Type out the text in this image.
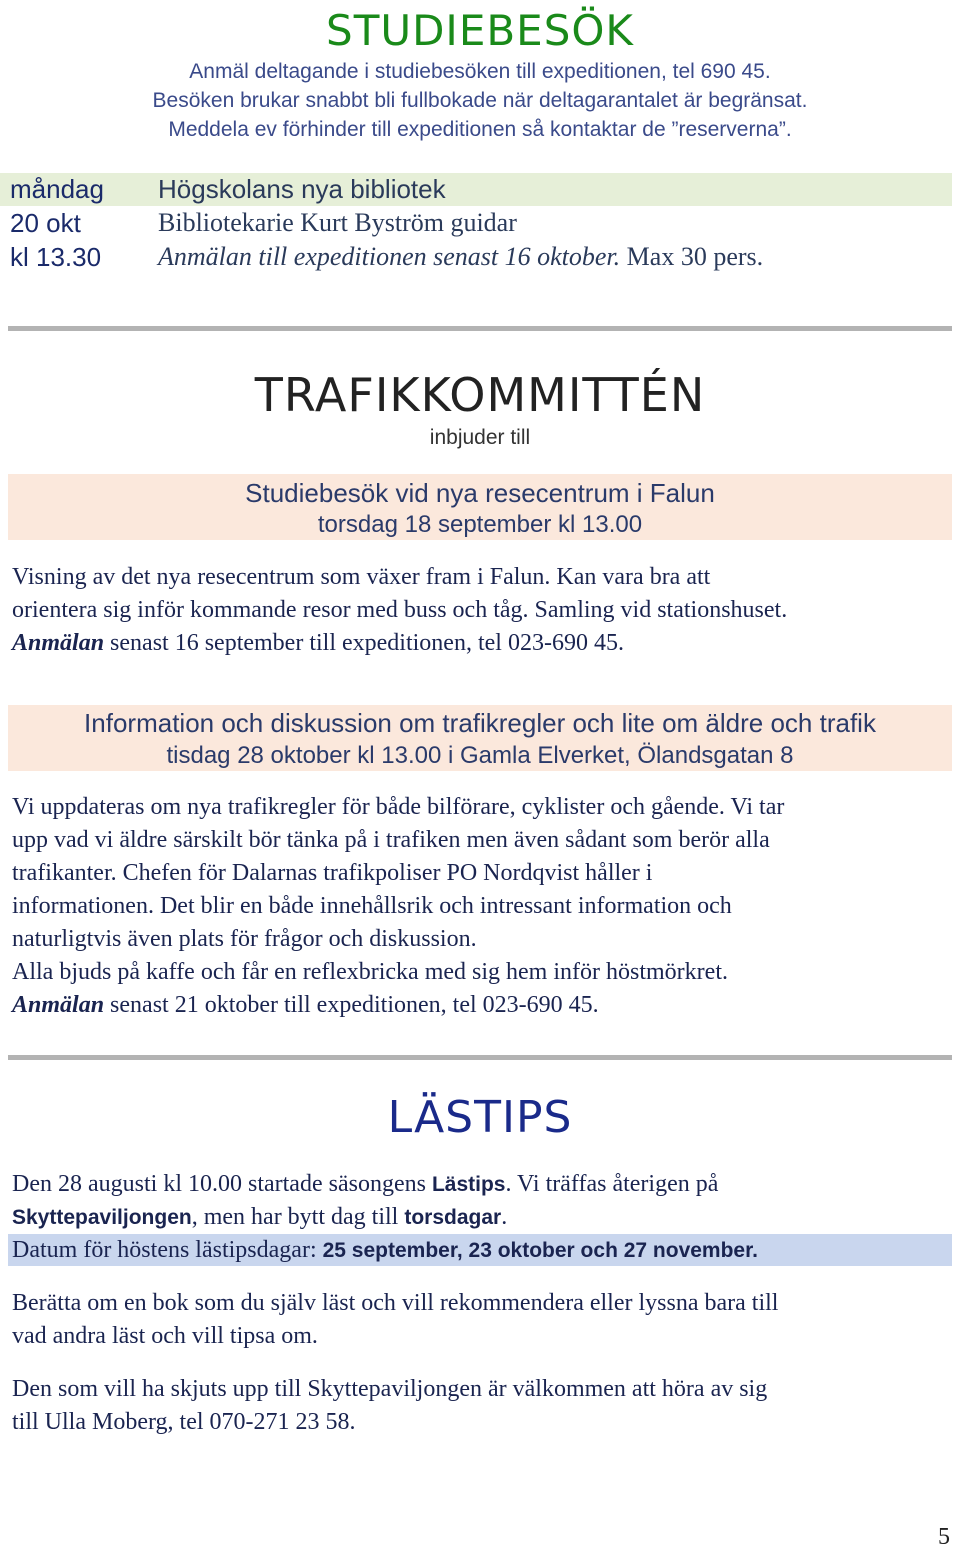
STUDIEBESÖK
Anmäl deltagande i studiebesöken till expeditionen, tel 690 45.
Besöken brukar snabbt bli fullbokade när deltagarantalet är begränsat.
Meddela ev förhinder till expeditionen så kontaktar de ”reserverna”.
måndag Högskolans nya bibliotek
20 okt	Bibliotekarie Kurt Byström guidar
kl 13.30 Anmälan till expeditionen senast 16 oktober. Max 30 pers.
TRAFIKKOMMITTÉN
inbjuder till
Studiebesök vid nya resecentrum i Falun
torsdag 18 september kl 13.00
Visning av det nya resecentrum som växer fram i Falun. Kan vara bra att
orientera sig inför kommande resor med buss och tåg. Samling vid stationshuset.
Anmälan senast 16 september till expeditionen, tel 023-690 45.
Information och diskussion om trafikregler och lite om äldre och trafik
tisdag 28 oktober kl 13.00 i Gamla Elverket, Ölandsgatan 8
Vi uppdateras om nya trafikregler för både bilförare, cyklister och gående. Vi tar
upp vad vi äldre särskilt bör tänka på i trafiken men även sådant som berör alla
trafikanter. Chefen för Dalarnas trafikpoliser PO Nordqvist håller i
informationen. Det blir en både innehållsrik och intressant information och
naturligtvis även plats för frågor och diskussion.
Alla bjuds på kaffe och får en reflexbricka med sig hem inför höstmörkret.
Anmälan senast 21 oktober till expeditionen, tel 023-690 45.
LÄSTIPS
Den 28 augusti kl 10.00 startade säsongens Lästips. Vi träffas återigen på
Skyttepaviljongen, men har bytt dag till torsdagar.
Datum för höstens lästipsdagar: 25 september, 23 oktober och 27 november.
Berätta om en bok som du själv läst och vill rekommendera eller lyssna bara till
vad andra läst och vill tipsa om.
Den som vill ha skjuts upp till Skyttepaviljongen är välkommen att höra av sig
till Ulla Moberg, tel 070-271 23 58.
5
